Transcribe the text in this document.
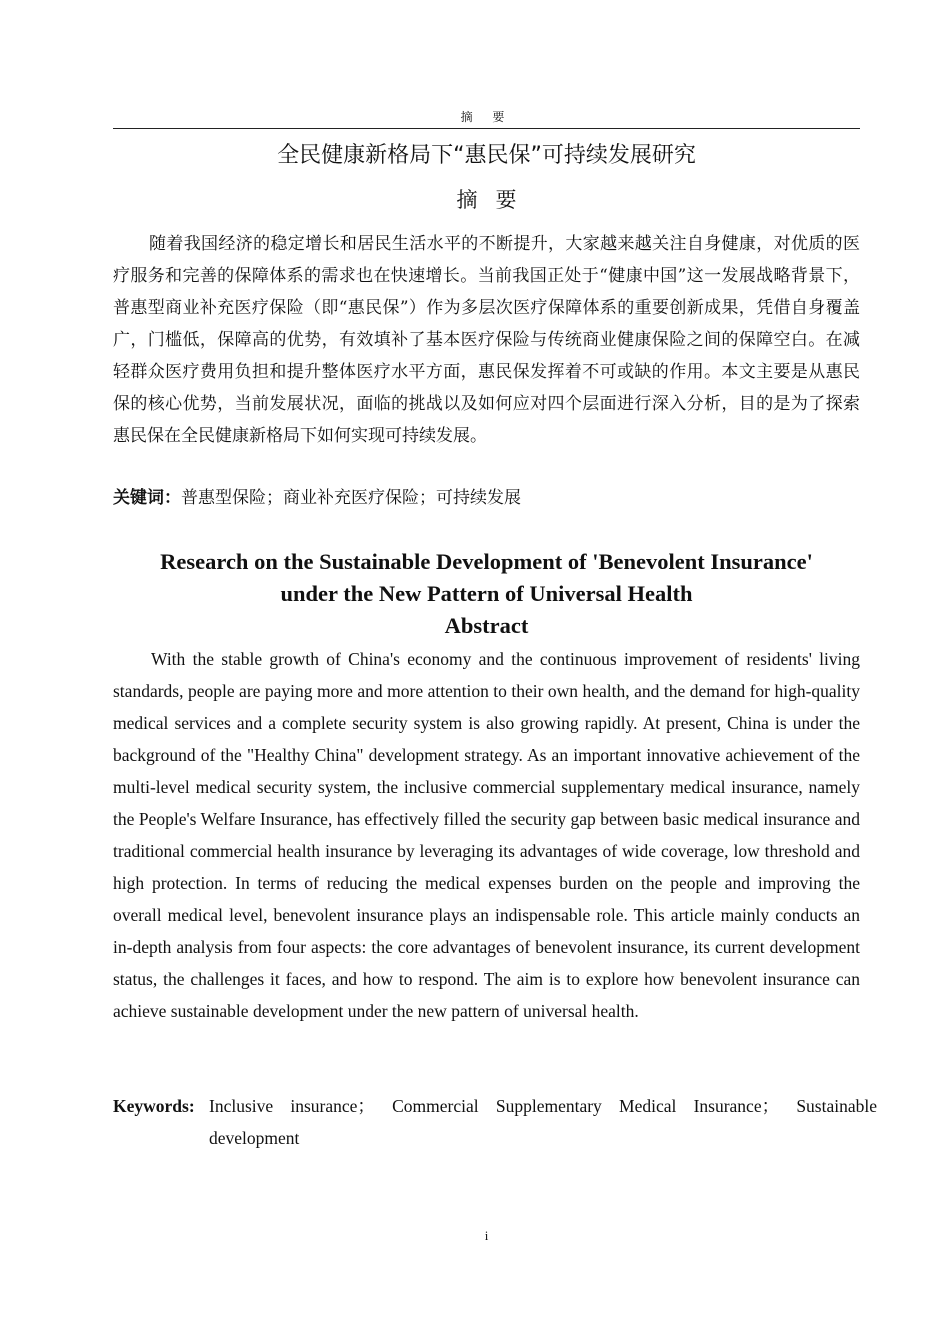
摘 要
全民健康新格局下“惠民保”可持续发展研究
摘要

随着我国经济的稳定增长和居民生活水平的不断提升，大家越来越关注自身健康，对优质的医疗服务和完善的保障体系的需求也在快速增长。当前我国正处于“健康中国”这一发展战略背景下，普惠型商业补充医疗保险（即“惠民保”）作为多层次医疗保障体系的重要创新成果，凭借自身覆盖广，门槛低，保障高的优势，有效填补了基本医疗保险与传统商业健康保险之间的保障空白。在减轻群众医疗费用负担和提升整体医疗水平方面，惠民保发挥着不可或缺的作用。本文主要是从惠民保的核心优势，当前发展状况，面临的挑战以及如何应对四个层面进行深入分析，目的是为了探索惠民保在全民健康新格局下如何实现可持续发展。

关键词：普惠型保险；商业补充医疗保险；可持续发展

Research on the Sustainable Development of 'Benevolent Insurance'
under the New Pattern of Universal Health

Abstract

With the stable growth of China's economy and the continuous improvement of residents' living standards, people are paying more and more attention to their own health, and the demand for high-quality medical services and a complete security system is also growing rapidly. At present, China is under the background of the "Healthy China" development strategy. As an important innovative achievement of the multi-level medical security system, the inclusive commercial supplementary medical insurance, namely the People's Welfare Insurance, has effectively filled the security gap between basic medical insurance and traditional commercial health insurance by leveraging its advantages of wide coverage, low threshold and high protection. In terms of reducing the medical expenses burden on the people and improving the overall medical level, benevolent insurance plays an indispensable role. This article mainly conducts an in-depth analysis from four aspects: the core advantages of benevolent insurance, its current development status, the challenges it faces, and how to respond. The aim is to explore how benevolent insurance can achieve sustainable development under the new pattern of universal health.

Keywords: Inclusive insurance； Commercial Supplementary Medical Insurance； Sustainable development
i
